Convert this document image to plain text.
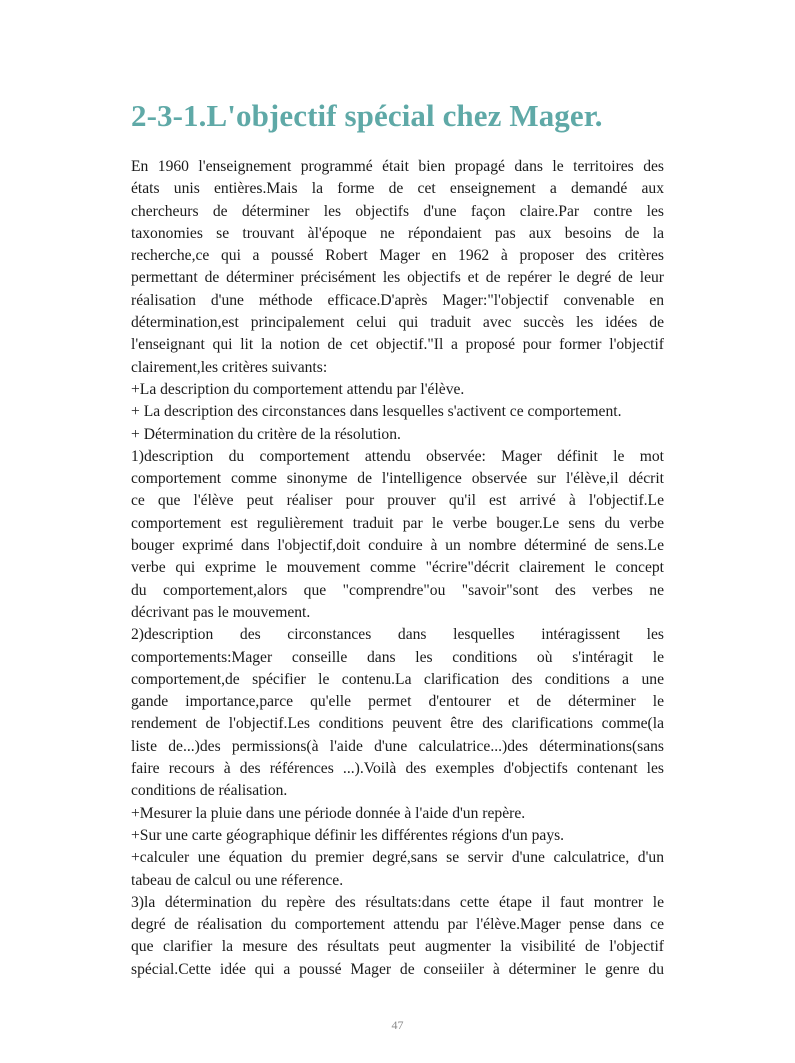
2-3-1.L'objectif spécial chez Mager.
En 1960 l'enseignement programmé était bien propagé dans le territoires des
états unis entières.Mais la forme de cet enseignement a demandé aux
chercheurs de déterminer les objectifs d'une façon claire.Par contre les
taxonomies se trouvant àl'époque ne répondaient pas aux besoins de la
recherche,ce qui a poussé Robert Mager en 1962 à proposer des critères
permettant de déterminer précisément les objectifs et de repérer le degré de leur
réalisation d'une méthode efficace.D'après Mager:"l'objectif convenable en
détermination,est principalement celui qui traduit avec succès les idées de
l'enseignant qui lit la notion de cet objectif."Il a proposé pour former l'objectif
clairement,les critères suivants:
+La description du comportement attendu par l'élève.
+ La description des circonstances dans lesquelles s'activent ce comportement.
+ Détermination du critère de la résolution.
1)description du comportement attendu observée: Mager définit le mot
comportement comme sinonyme de l'intelligence observée sur l'élève,il décrit
ce que l'élève peut réaliser pour prouver qu'il est arrivé à l'objectif.Le
comportement est regulièrement traduit par le verbe bouger.Le sens du verbe
bouger exprimé dans l'objectif,doit conduire à un nombre déterminé de sens.Le
verbe qui exprime le mouvement comme "écrire"décrit clairement le concept
du comportement,alors que "comprendre"ou "savoir"sont des verbes ne
décrivant pas le mouvement.
2)description des circonstances dans lesquelles intéragissent les
comportements:Mager conseille dans les conditions où s'intéragit le
comportement,de spécifier le contenu.La clarification des conditions a une
gande importance,parce qu'elle permet d'entourer et de déterminer le
rendement de l'objectif.Les conditions peuvent être des clarifications comme(la
liste de...)des permissions(à l'aide d'une calculatrice...)des déterminations(sans
faire recours à des références ...).Voilà des exemples d'objectifs contenant les
conditions de réalisation.
+Mesurer la pluie dans une période donnée à l'aide d'un repère.
+Sur une carte géographique définir les différentes régions d'un pays.
+calculer une équation du premier degré,sans se servir d'une calculatrice, d'un
tabeau de calcul ou une réference.
3)la détermination du repère des résultats:dans cette étape il faut montrer le
degré de réalisation du comportement attendu par l'élève.Mager pense dans ce
que clarifier la mesure des résultats peut augmenter la visibilité de l'objectif
spécial.Cette idée qui a poussé Mager de conseiiler à déterminer le genre du
47
